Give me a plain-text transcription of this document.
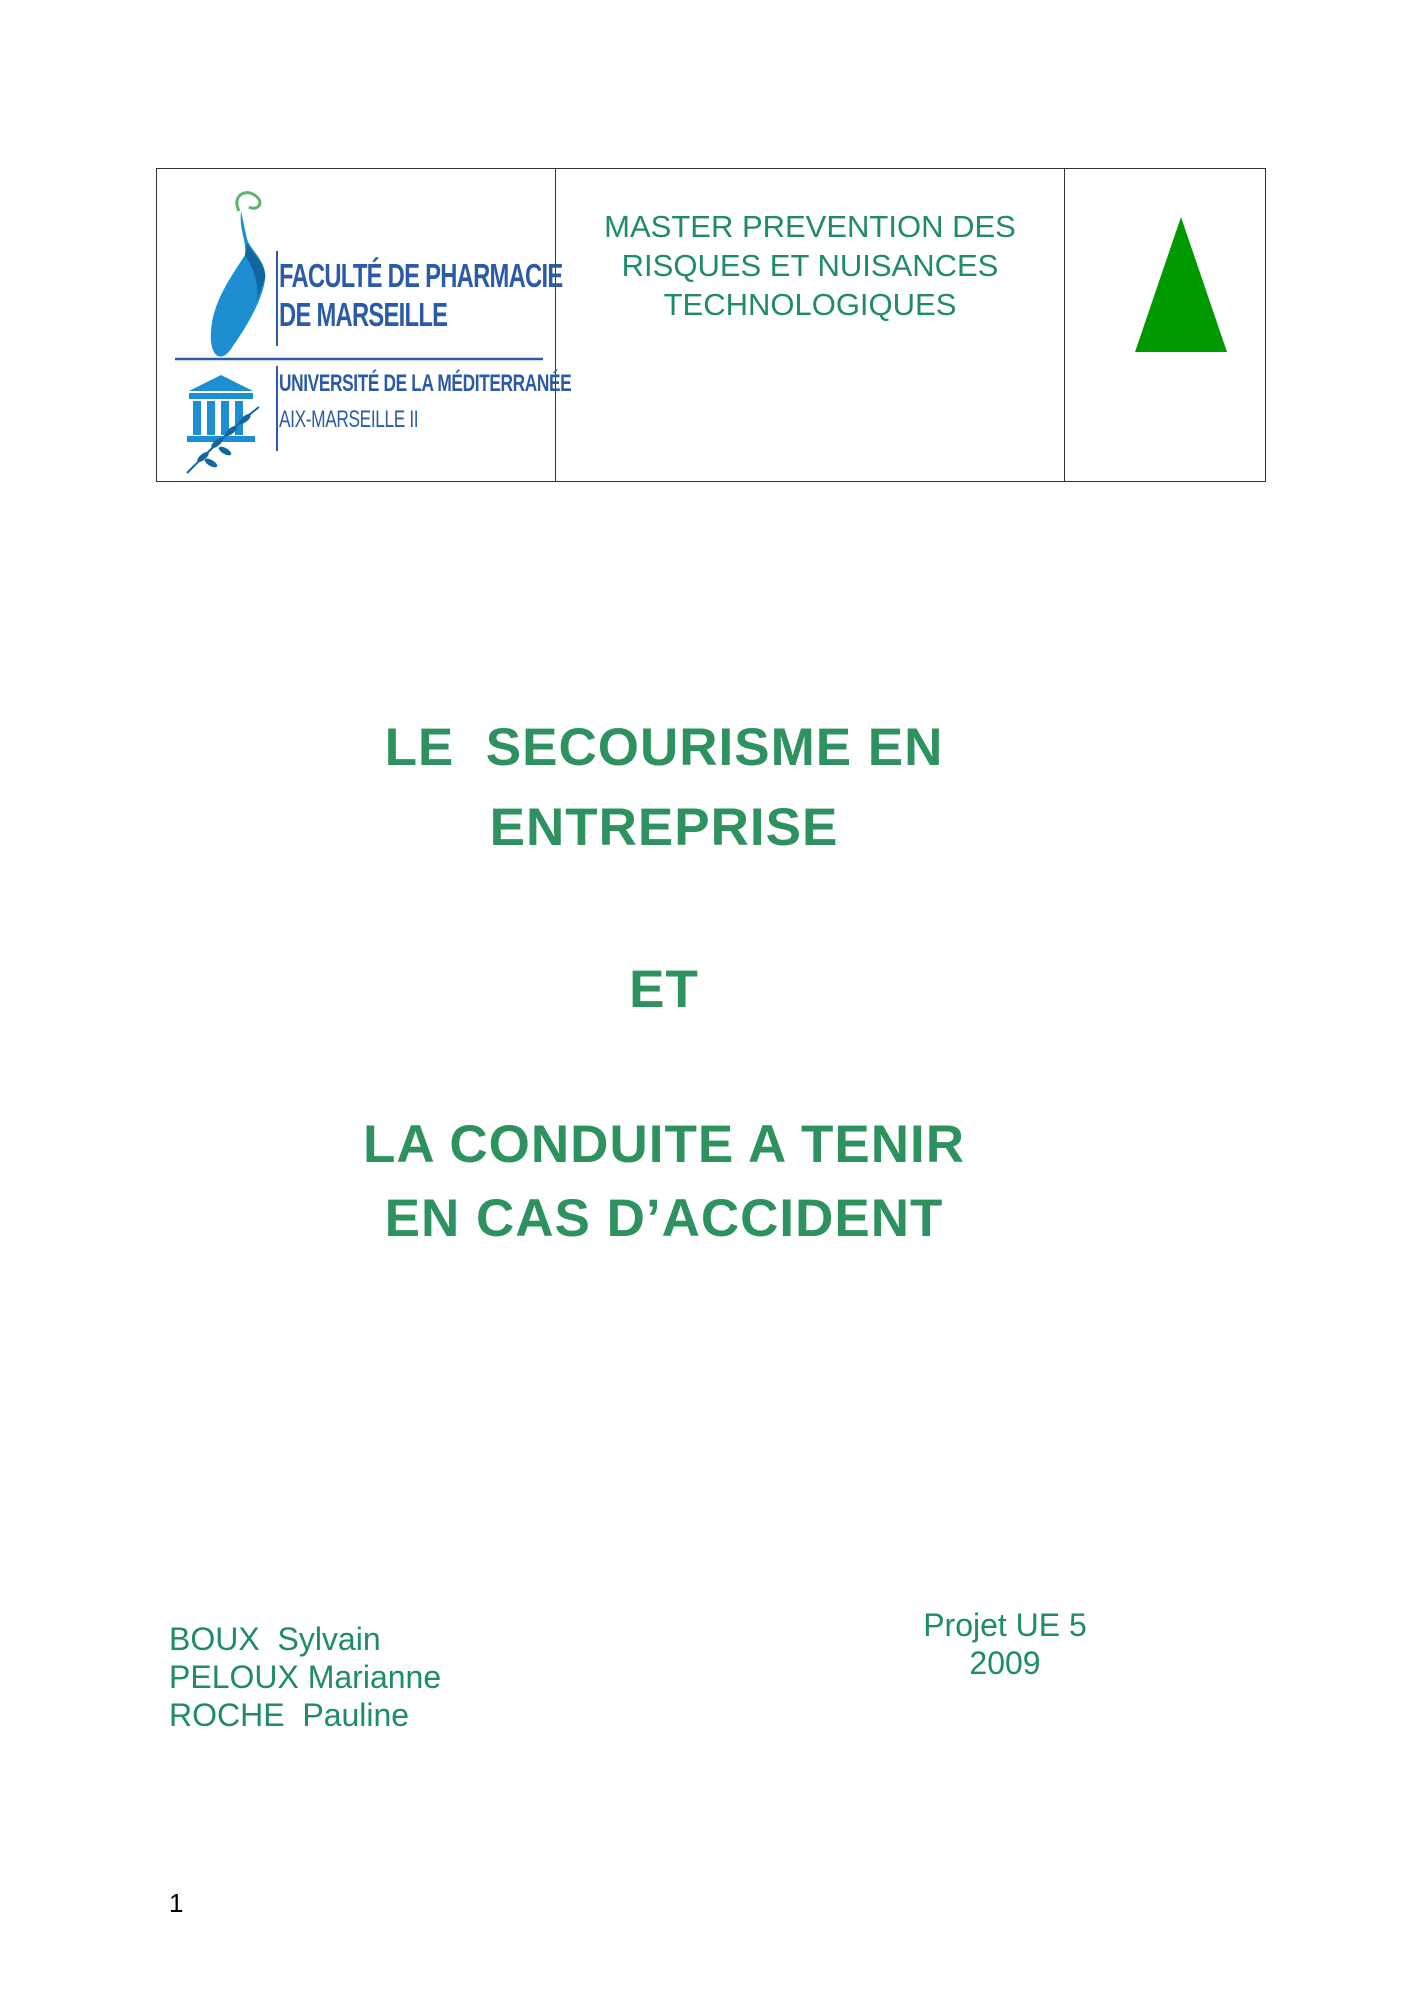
FACULTÉ DE PHARMACIE
DE MARSEILLE
UNIVERSITÉ DE LA MÉDITERRANÉE
AIX-MARSEILLE II
MASTER PREVENTION DES
RISQUES ET NUISANCES
TECHNOLOGIQUES
LE  SECOURISME EN
ENTREPRISE
ET
LA CONDUITE A TENIR
EN CAS D’ACCIDENT
BOUX  Sylvain
PELOUX Marianne
ROCHE  Pauline
Projet UE 5
2009
1
